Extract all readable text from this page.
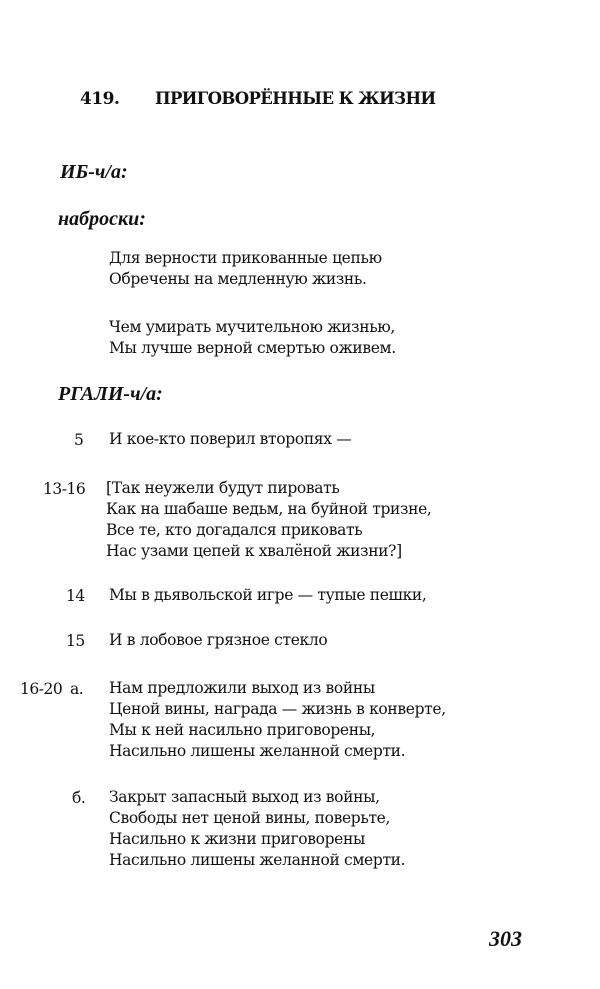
419. ПРИГОВОРЁННЫЕ К ЖИЗНИ
ИБ-ч/а:
наброски:
Для верности прикованные цепью
Обречены на медленную жизнь.
Чем умирать мучительною жизнью,
Мы лучше верной смертью оживем.
РГАЛИ-ч/а:
5 И кое-кто поверил второпях —
13-16 [Так неужели будут пировать
Как на шабаше ведьм, на буйной тризне,
Все те, кто догадался приковать
Нас узами цепей к хвалёной жизни?]
14 Мы в дьявольской игре — тупые пешки,
15 И в лобовое грязное стекло
16-20 а. Нам предложили выход из войны
Ценой вины, награда — жизнь в конверте,
Мы к ней насильно приговорены,
Насильно лишены желанной смерти.
б. Закрыт запасный выход из войны,
Свободы нет ценой вины, поверьте,
Насильно к жизни приговорены
Насильно лишены желанной смерти.
303
